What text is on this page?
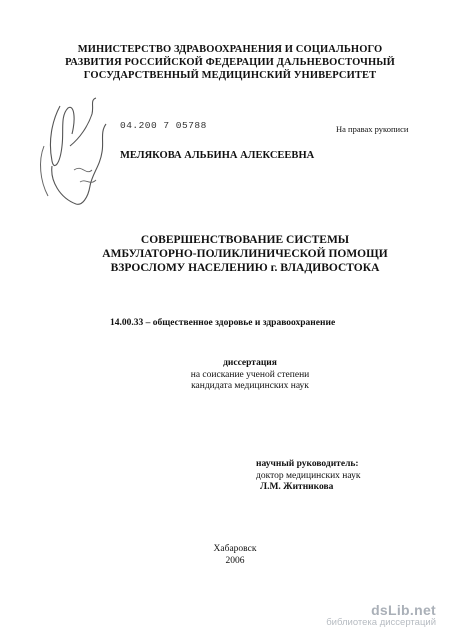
МИНИСТЕРСТВО ЗДРАВООХРАНЕНИЯ И СОЦИАЛЬНОГО
РАЗВИТИЯ РОССИЙСКОЙ ФЕДЕРАЦИИ ДАЛЬНЕВОСТОЧНЫЙ
ГОСУДАРСТВЕННЫЙ МЕДИЦИНСКИЙ УНИВЕРСИТЕТ
04.200 7 05788	На правах рукописи
МЕЛЯКОВА АЛЬБИНА АЛЕКСЕЕВНА
СОВЕРШЕНСТВОВАНИЕ СИСТЕМЫ
АМБУЛАТОРНО-ПОЛИКЛИНИЧЕСКОЙ ПОМОЩИ
ВЗРОСЛОМУ НАСЕЛЕНИЮ г. ВЛАДИВОСТОКА
14.00.33 – общественное здоровье и здравоохранение
диссертация
на соискание ученой степени
кандидата медицинских наук
научный руководитель:
доктор медицинских наук
Л.М. Житникова
Хабаровск
2006
dsLib.net
библиотека диссертаций
